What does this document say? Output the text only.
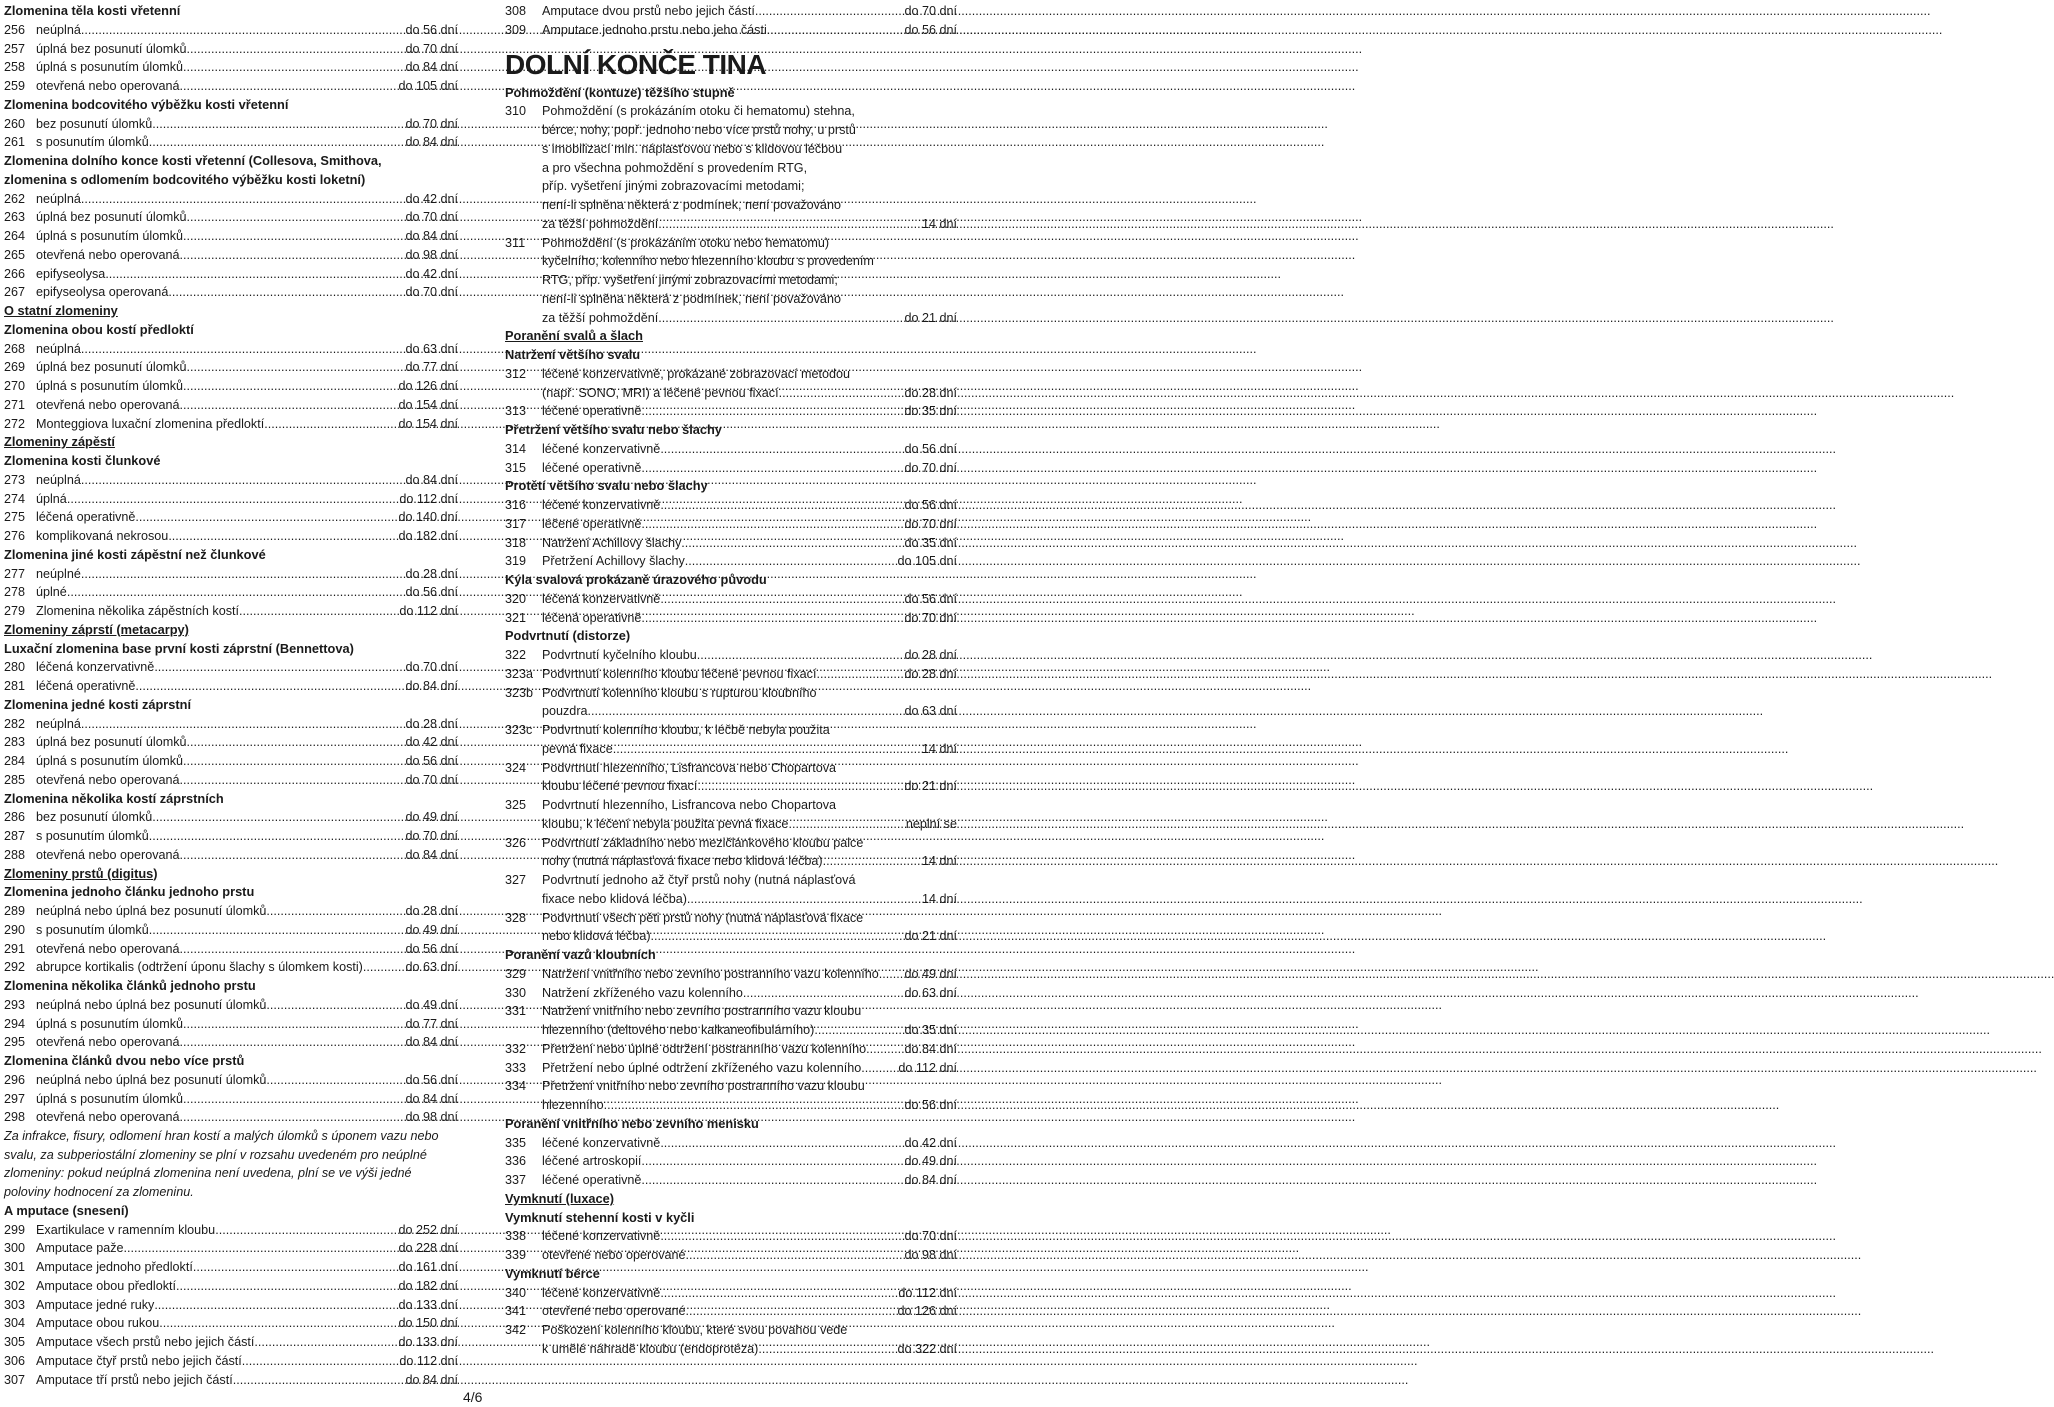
Zlomenina těla kosti vřetenní
256 neúplná .....	do 56 dní
257 úplná bez posunutí úlomků .....	do 70 dní
258 úplná s posunutím úlomků .....	do 84 dní
259 otevřená nebo operovaná .....	do 105 dní
Zlomenina bodcovitého výběžku kosti vřetenní
260 bez posunutí úlomků .....	do 70 dní
261 s posunutím úlomků .....	do 84 dní
Zlomenina dolního konce kosti vřetenní (Collesova, Smithova,
zlomenina s odlomením bodcovitého výběžku kosti loketní)
262 neúplná .....	do 42 dní
263 úplná bez posunutí úlomků .....	do 70 dní
264 úplná s posunutím úlomků .....	do 84 dní
265 otevřená nebo operovaná .....	do 98 dní
266 epifyseolysa .....	do 42 dní
267 epifyseolysa operovaná .....	do 70 dní
O statní zlomeniny
Zlomenina obou kostí předloktí
268 neúplná .....	do 63 dní
269 úplná bez posunutí úlomků .....	do 77 dní
270 úplná s posunutím úlomků .....	do 126 dní
271 otevřená nebo operovaná .....	do 154 dní
272 Monteggiova luxační zlomenina předloktí .....	do 154 dní
Zlomeniny zápěstí
Zlomenina kosti člunkové
273 neúplná .....	do 84 dní
274 úplná .....	do 112 dní
275 léčená operativně .....	do 140 dní
276 komplikovaná nekrosou .....	do 182 dní
Zlomenina jiné kosti zápěstní než člunkové
277 neúplné .....	do 28 dní
278 úplné .....	do 56 dní
279 Zlomenina několika zápěstních kostí .....	do 112 dní
Zlomeniny záprstí (metacarpy)
Luxační zlomenina base první kosti záprstní (Bennettova)
280 léčená konzervativně .....	do 70 dní
281 léčená operativně .....	do 84 dní
Zlomenina jedné kosti záprstní
282 neúplná .....	do 28 dní
283 úplná bez posunutí úlomků .....	do 42 dní
284 úplná s posunutím úlomků .....	do 56 dní
285 otevřená nebo operovaná .....	do 70 dní
Zlomenina několika kostí záprstních
286 bez posunutí úlomků .....	do 49 dní
287 s posunutím úlomků .....	do 70 dní
288 otevřená nebo operovaná .....	do 84 dní
Zlomeniny prstů (digitus)
Zlomenina jednoho článku jednoho prstu
289 neúplná nebo úplná bez posunutí úlomků .....	do 28 dní
290 s posunutím úlomků .....	do 49 dní
291 otevřená nebo operovaná .....	do 56 dní
292 abrupce kortikalis (odtržení úponu šlachy s úlomkem kosti) .....	do 63 dní
Zlomenina několika článků jednoho prstu
293 neúplná nebo úplná bez posunutí úlomků .....	do 49 dní
294 úplná s posunutím úlomků .....	do 77 dní
295 otevřená nebo operovaná .....	do 84 dní
Zlomenina článků dvou nebo více prstů
296 neúplná nebo úplná bez posunutí úlomků .....	do 56 dní
297 úplná s posunutím úlomků .....	do 84 dní
298 otevřená nebo operovaná .....	do 98 dní
Za infrakce, fisury, odlomení hran kostí a malých úlomků s úponem vazu nebo
svalu, za subperiostální zlomeniny se plní v rozsahu uvedeném pro neúplné
zlomeniny: pokud neúplná zlomenina není uvedena, plní se ve výši jedné
poloviny hodnocení za zlomeninu.
A mputace (snesení)
299 Exartikulace v ramenním kloubu .....	do 252 dní
300 Amputace paže .....	do 228 dní
301 Amputace jednoho předloktí .....	do 161 dní
302 Amputace obou předloktí .....	do 182 dní
303 Amputace jedné ruky .....	do 133 dní
304 Amputace obou rukou .....	do 150 dní
305 Amputace všech prstů nebo jejich částí .....	do 133 dní
306 Amputace čtyř prstů nebo jejich částí .....	do 112 dní
307 Amputace tří prstů nebo jejich částí .....	do 84 dní
308	Amputace dvou prstů nebo jejich částí .....	do 70 dní
309	Amputace jednoho prstu nebo jeho části .....	do 56 dní
DOLNÍ KONČE TINA
Pohmoždění (kontuze) těžšího stupně
310	Pohmoždění (s prokázáním otoku či hematomu) stehna,
bérce, nohy, popř. jednoho nebo více prstů nohy, u prstů
s imobilizací min. náplasťovou nebo s klidovou léčbou
a pro všechna pohmoždění s provedením RTG,
příp. vyšetření jinými zobrazovacími metodami;
není-li splněna některá z podmínek, není považováno
za těžší pohmoždění .....	14 dní
311	Pohmoždění (s prokázáním otoku nebo hematomu)
kyčelního, kolenního nebo hlezenního kloubu s provedením
RTG, příp. vyšetření jinými zobrazovacími metodami;
není-li splněna některá z podmínek, není považováno
za těžší pohmoždění .....	do 21 dní
Poranění svalů a šlach
Natržení většího svalu
312	léčené konzervativně, prokázané zobrazovací metodou
(např. SONO, MRI) a léčené pevnou fixací .....	do 28 dní
313	léčené operativně .....	do 35 dní
Přetržení většího svalu nebo šlachy
314	léčené konzervativně .....	do 56 dní
315	léčené operativně .....	do 70 dní
Protětí většího svalu nebo šlachy
316	léčené konzervativně .....	do 56 dní
317	léčené operativně .....	do 70 dní
318	Natržení Achillovy šlachy .....	do 35 dní
319	Přetržení Achillovy šlachy .....	do 105 dní
Kýla svalová prokázaně úrazového původu
320	léčená konzervativně .....	do 56 dní
321	léčená operativně .....	do 70 dní
Podvrtnutí (distorze)
322	Podvrtnutí kyčelního kloubu .....	do 28 dní
323a Podvrtnutí kolenního kloubu léčené pevnou fixací .....	do 28 dní
323b Podvrtnutí kolenního kloubu s rupturou kloubního
pouzdra .....	do 63 dní
323c Podvrtnutí kolenního kloubu, k léčbě nebyla použita
pevná fixace .....	14 dní
324	Podvrtnutí hlezenního, Lisfrancova nebo Chopartova
kloubu léčené pevnou fixací .....	do 21 dní
325	Podvrtnutí hlezenního, Lisfrancova nebo Chopartova
kloubu, k léčení nebyla použita pevná fixace .....	neplní se
326	Podvrtnutí základního nebo mezičlánkového kloubu palce
nohy (nutná náplasťová fixace nebo klidová léčba) .....	14 dní
327	Podvrtnutí jednoho až čtyř prstů nohy (nutná náplasťová
fixace nebo klidová léčba) .....	14 dní
328	Podvrtnutí všech pěti prstů nohy (nutná náplasťová fixace
nebo klidová léčba) .....	do 21 dní
Poranění vazů kloubních
329	Natržení vnitřního nebo zevního postranního vazu kolenního ..... do 49 dní
330	Natržení zkříženého vazu kolenního .....	do 63 dní
331	Natržení vnitřního nebo zevního postranního vazu kloubu
hlezenního (deltového nebo kalkaneofibulárního) .....	do 35 dní
332	Přetržení nebo úplné odtržení postranního vazu kolenního .....	do 84 dní
333	Přetržení nebo úplné odtržení zkříženého vazu kolenního .....	do 112 dní
334	Přetržení vnitřního nebo zevního postranního vazu kloubu
hlezenního .....	do 56 dní
Poranění vnitřního nebo zevního menisku
335	léčené konzervativně .....	do 42 dní
336	léčené artroskopií .....	do 49 dní
337	léčené operativně .....	do 84 dní
Vymknutí (luxace)
Vymknutí stehenní kosti v kyčli
338	léčené konzervativně .....	do 70 dní
339	otevřené nebo operované .....	do 98 dní
Vymknutí bérce
340	léčené konzervativně .....	do 112 dní
341	otevřené nebo operované .....	do 126 dní
342	Poškození kolenního kloubu, které svou povahou vede
k umělé náhradě kloubu (endoprotéza) .....	do 322 dní
4/6
